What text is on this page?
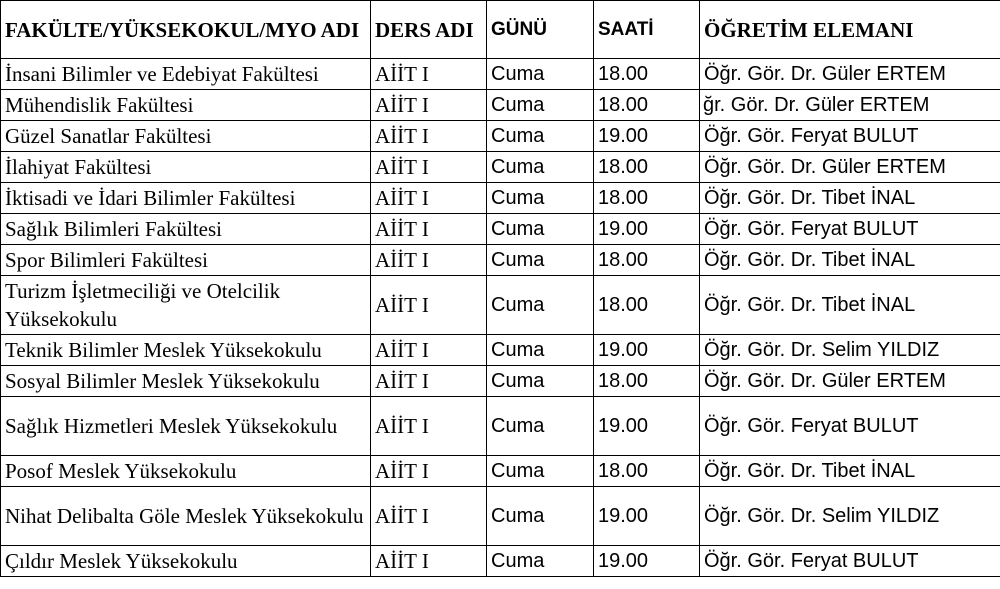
FAKÜLTE/YÜKSEKOKUL/MYO ADI	DERS ADI	GÜNÜ	SAATİ	ÖĞRETİM ELEMANI
İnsani Bilimler ve Edebiyat Fakültesi	AİİT I	Cuma	18.00	Öğr. Gör. Dr. Güler ERTEM
Mühendislik Fakültesi	AİİT I	Cuma	18.00	ğr. Gör. Dr. Güler ERTEM
Güzel Sanatlar Fakültesi	AİİT I	Cuma	19.00	Öğr. Gör. Feryat BULUT
İlahiyat Fakültesi	AİİT I	Cuma	18.00	Öğr. Gör. Dr. Güler ERTEM
İktisadi ve İdari Bilimler Fakültesi	AİİT I	Cuma	18.00	Öğr. Gör. Dr. Tibet İNAL
Sağlık Bilimleri Fakültesi	AİİT I	Cuma	19.00	Öğr. Gör. Feryat BULUT
Spor Bilimleri Fakültesi	AİİT I	Cuma	18.00	Öğr. Gör. Dr. Tibet İNAL
Turizm İşletmeciliği ve Otelcilik Yüksekokulu	AİİT I	Cuma	18.00	Öğr. Gör. Dr. Tibet İNAL
Teknik Bilimler Meslek Yüksekokulu	AİİT I	Cuma	19.00	Öğr. Gör. Dr. Selim YILDIZ
Sosyal Bilimler Meslek Yüksekokulu	AİİT I	Cuma	18.00	Öğr. Gör. Dr. Güler ERTEM
Sağlık Hizmetleri Meslek Yüksekokulu	AİİT I	Cuma	19.00	Öğr. Gör. Feryat BULUT
Posof Meslek Yüksekokulu	AİİT I	Cuma	18.00	Öğr. Gör. Dr. Tibet İNAL
Nihat Delibalta Göle Meslek Yüksekokulu	AİİT I	Cuma	19.00	Öğr. Gör. Dr. Selim YILDIZ
Çıldır Meslek Yüksekokulu	AİİT I	Cuma	19.00	Öğr. Gör. Feryat BULUT
